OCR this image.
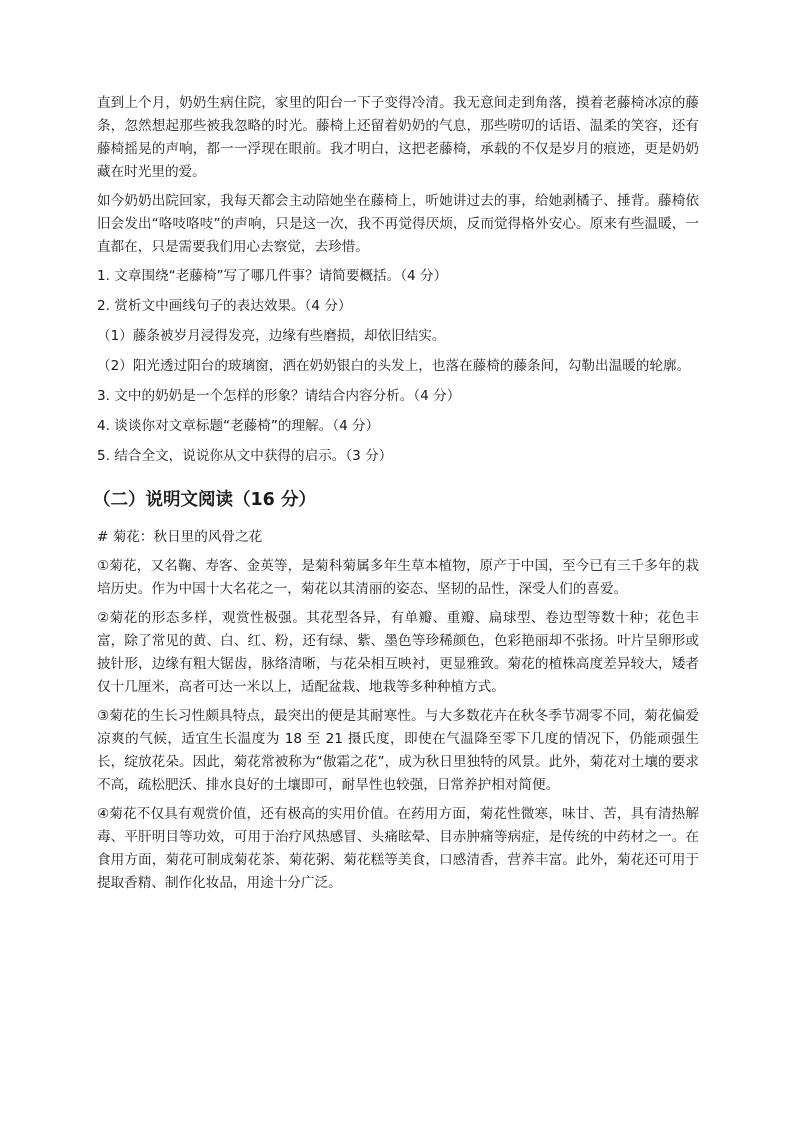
直到上个月，奶奶生病住院，家里的阳台一下子变得冷清。我无意间走到角落，摸着老藤椅冰凉的藤条，忽然想起那些被我忽略的时光。藤椅上还留着奶奶的气息，那些唠叨的话语、温柔的笑容，还有藤椅摇晃的声响，都一一浮现在眼前。我才明白，这把老藤椅，承载的不仅是岁月的痕迹，更是奶奶藏在时光里的爱。

如今奶奶出院回家，我每天都会主动陪她坐在藤椅上，听她讲过去的事，给她剥橘子、捶背。藤椅依旧会发出“咯吱咯吱”的声响，只是这一次，我不再觉得厌烦，反而觉得格外安心。原来有些温暖，一直都在，只是需要我们用心去察觉，去珍惜。

1. 文章围绕“老藤椅”写了哪几件事？请简要概括。（4 分）

2. 赏析文中画线句子的表达效果。（4 分）

（1）藤条被岁月浸得发亮，边缘有些磨损，却依旧结实。

（2）阳光透过阳台的玻璃窗，洒在奶奶银白的头发上，也落在藤椅的藤条间，勾勒出温暖的轮廓。

3. 文中的奶奶是一个怎样的形象？请结合内容分析。（4 分）

4. 谈谈你对文章标题“老藤椅”的理解。（4 分）

5. 结合全文，说说你从文中获得的启示。（3 分）

（二）说明文阅读（16 分）

# 菊花：秋日里的风骨之花

①菊花，又名鞠、寿客、金英等，是菊科菊属多年生草本植物，原产于中国，至今已有三千多年的栽培历史。作为中国十大名花之一，菊花以其清丽的姿态、坚韧的品性，深受人们的喜爱。

②菊花的形态多样，观赏性极强。其花型各异，有单瓣、重瓣、扁球型、卷边型等数十种；花色丰富，除了常见的黄、白、红、粉，还有绿、紫、墨色等珍稀颜色，色彩艳丽却不张扬。叶片呈卵形或披针形，边缘有粗大锯齿，脉络清晰，与花朵相互映衬，更显雅致。菊花的植株高度差异较大，矮者仅十几厘米，高者可达一米以上，适配盆栽、地栽等多种种植方式。

③菊花的生长习性颇具特点，最突出的便是其耐寒性。与大多数花卉在秋冬季节凋零不同，菊花偏爱凉爽的气候，适宜生长温度为 18 至 21 摄氏度，即使在气温降至零下几度的情况下，仍能顽强生长，绽放花朵。因此，菊花常被称为“傲霜之花”，成为秋日里独特的风景。此外，菊花对土壤的要求不高，疏松肥沃、排水良好的土壤即可，耐旱性也较强，日常养护相对简便。

④菊花不仅具有观赏价值，还有极高的实用价值。在药用方面，菊花性微寒，味甘、苦，具有清热解毒、平肝明目等功效，可用于治疗风热感冒、头痛眩晕、目赤肿痛等病症，是传统的中药材之一。在食用方面，菊花可制成菊花茶、菊花粥、菊花糕等美食，口感清香，营养丰富。此外，菊花还可用于提取香精、制作化妆品，用途十分广泛。
